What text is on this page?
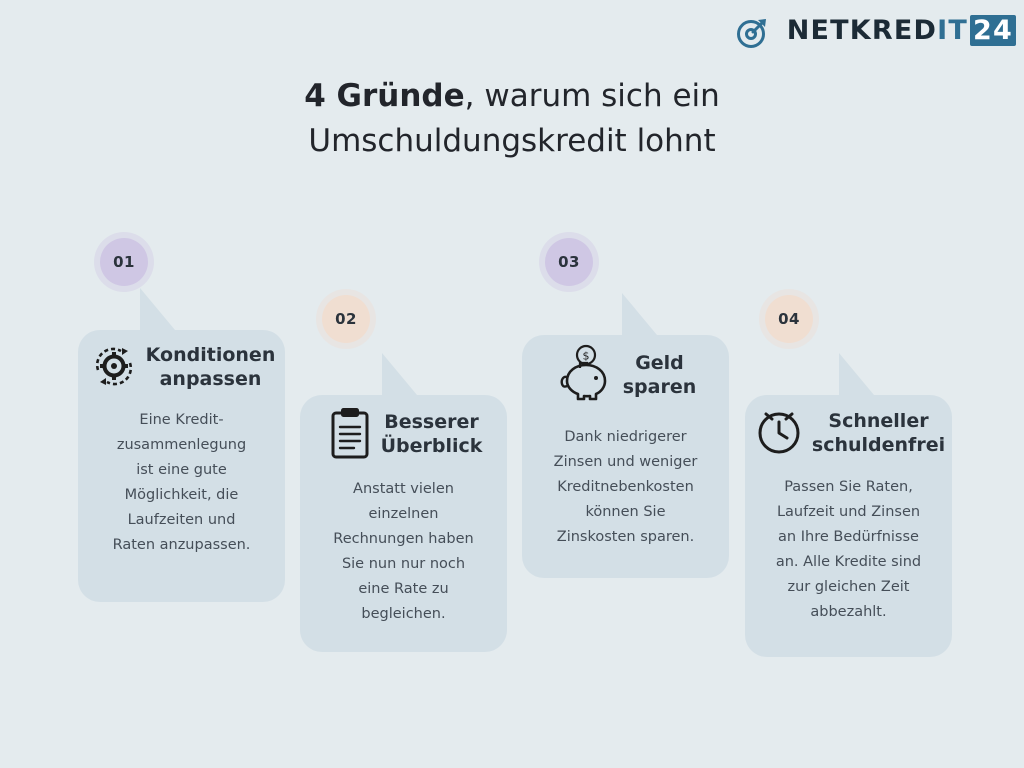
NETKRED IT 24
4 Gründe, warum sich ein
Umschuldungskredit lohnt
Konditionen
anpassen
Eine Kredit-
zusammenlegung
ist eine gute
Möglichkeit, die
Laufzeiten und
Raten anzupassen.
01
Besserer
Überblick
Anstatt vielen
einzelnen
Rechnungen haben
Sie nun nur noch
eine Rate zu
begleichen.
02
$	Geld
sparen
Dank niedrigerer
Zinsen und weniger
Kreditnebenkosten
können Sie
Zinskosten sparen.
03
Schneller
schuldenfrei
Passen Sie Raten,
Laufzeit und Zinsen
an Ihre Bedürfnisse
an. Alle Kredite sind
zur gleichen Zeit
abbezahlt.
04
